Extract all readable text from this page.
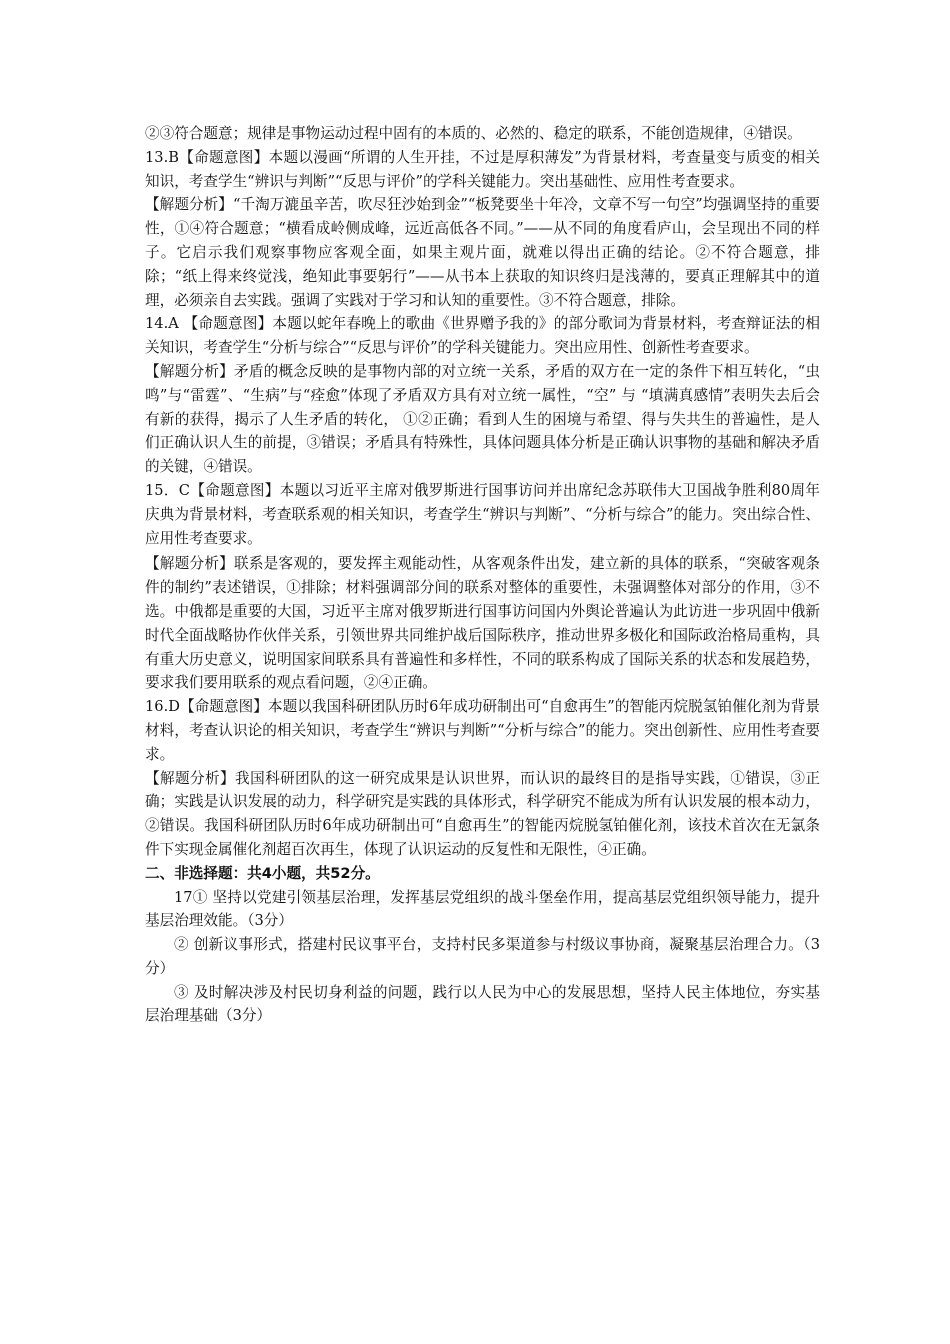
②③符合题意；规律是事物运动过程中固有的本质的、必然的、稳定的联系，不能创造规律，④错误。

13.B【命题意图】本题以漫画“所谓的人生开挂，不过是厚积薄发”为背景材料，考查量变与质变的相关知识，考查学生“辨识与判断”“反思与评价”的学科关键能力。突出基础性、应用性考查要求。

【解题分析】“千淘万漉虽辛苦，吹尽狂沙始到金”“板凳要坐十年冷，文章不写一句空”均强调坚持的重要性，①④符合题意；“横看成岭侧成峰，远近高低各不同。”——从不同的角度看庐山，会呈现出不同的样子。它启示我们观察事物应客观全面，如果主观片面，就难以得出正确的结论。②不符合题意，排除；“纸上得来终觉浅，绝知此事要躬行”——从书本上获取的知识终归是浅薄的，要真正理解其中的道理，必须亲自去实践。强调了实践对于学习和认知的重要性。③不符合题意，排除。

14.A 【命题意图】本题以蛇年春晚上的歌曲《世界赠予我的》的部分歌词为背景材料，考查辩证法的相关知识，考查学生“分析与综合”“反思与评价”的学科关键能力。突出应用性、创新性考查要求。

【解题分析】矛盾的概念反映的是事物内部的对立统一关系，矛盾的双方在一定的条件下相互转化，“虫鸣”与“雷霆”、“生病”与“痊愈”体现了矛盾双方具有对立统一属性，“空” 与 “填满真感情”表明失去后会有新的获得，揭示了人生矛盾的转化， ①②正确；看到人生的困境与希望、得与失共生的普遍性，是人们正确认识人生的前提，③错误；矛盾具有特殊性，具体问题具体分析是正确认识事物的基础和解决矛盾的关键，④错误。

15．C【命题意图】本题以习近平主席对俄罗斯进行国事访问并出席纪念苏联伟大卫国战争胜利80周年庆典为背景材料，考查联系观的相关知识，考查学生“辨识与判断”、“分析与综合”的能力。突出综合性、应用性考查要求。

【解题分析】联系是客观的，要发挥主观能动性，从客观条件出发，建立新的具体的联系，“突破客观条件的制约”表述错误，①排除；材料强调部分间的联系对整体的重要性，未强调整体对部分的作用，③不选。中俄都是重要的大国，习近平主席对俄罗斯进行国事访问国内外舆论普遍认为此访进一步巩固中俄新时代全面战略协作伙伴关系，引领世界共同维护战后国际秩序，推动世界多极化和国际政治格局重构，具有重大历史意义，说明国家间联系具有普遍性和多样性，不同的联系构成了国际关系的状态和发展趋势，要求我们要用联系的观点看问题，②④正确。

16.D【命题意图】本题以我国科研团队历时6年成功研制出可“自愈再生”的智能丙烷脱氢铂催化剂为背景材料，考查认识论的相关知识，考查学生“辨识与判断”“分析与综合”的能力。突出创新性、应用性考查要求。

【解题分析】我国科研团队的这一研究成果是认识世界，而认识的最终目的是指导实践，①错误，③正确；实践是认识发展的动力，科学研究是实践的具体形式，科学研究不能成为所有认识发展的根本动力，②错误。我国科研团队历时6年成功研制出可“自愈再生”的智能丙烷脱氢铂催化剂，该技术首次在无氯条件下实现金属催化剂超百次再生，体现了认识运动的反复性和无限性，④正确。

二、非选择题：共4小题，共52分。

17① 坚持以党建引领基层治理，发挥基层党组织的战斗堡垒作用，提高基层党组织领导能力，提升基层治理效能。（3分）

② 创新议事形式，搭建村民议事平台，支持村民多渠道参与村级议事协商，凝聚基层治理合力。（3分）

③ 及时解决涉及村民切身利益的问题，践行以人民为中心的发展思想，坚持人民主体地位，夯实基层治理基础（3分）
